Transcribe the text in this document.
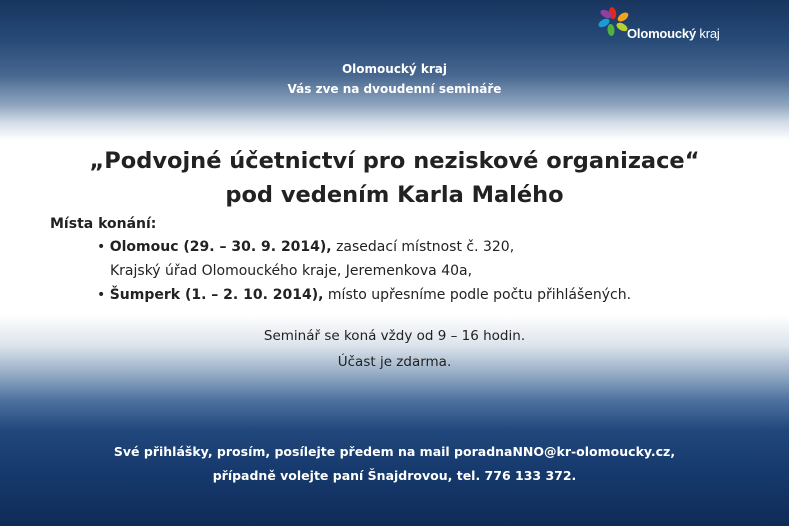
Olomoucký kraj
Olomoucký kraj
Vás zve na dvoudenní semináře
„Podvojné účetnictví pro neziskové organizace“
pod vedením Karla Malého
Místa konání:
• Olomouc (29. – 30. 9. 2014), zasedací místnost č. 320,
Krajský úřad Olomouckého kraje, Jeremenkova 40a,
• Šumperk (1. – 2. 10. 2014), místo upřesníme podle počtu přihlášených.
Seminář se koná vždy od 9 – 16 hodin.
Účast je zdarma.
Své přihlášky, prosím, posílejte předem na mail poradnaNNO@kr-olomoucky.cz,
případně volejte paní Šnajdrovou, tel. 776 133 372.
